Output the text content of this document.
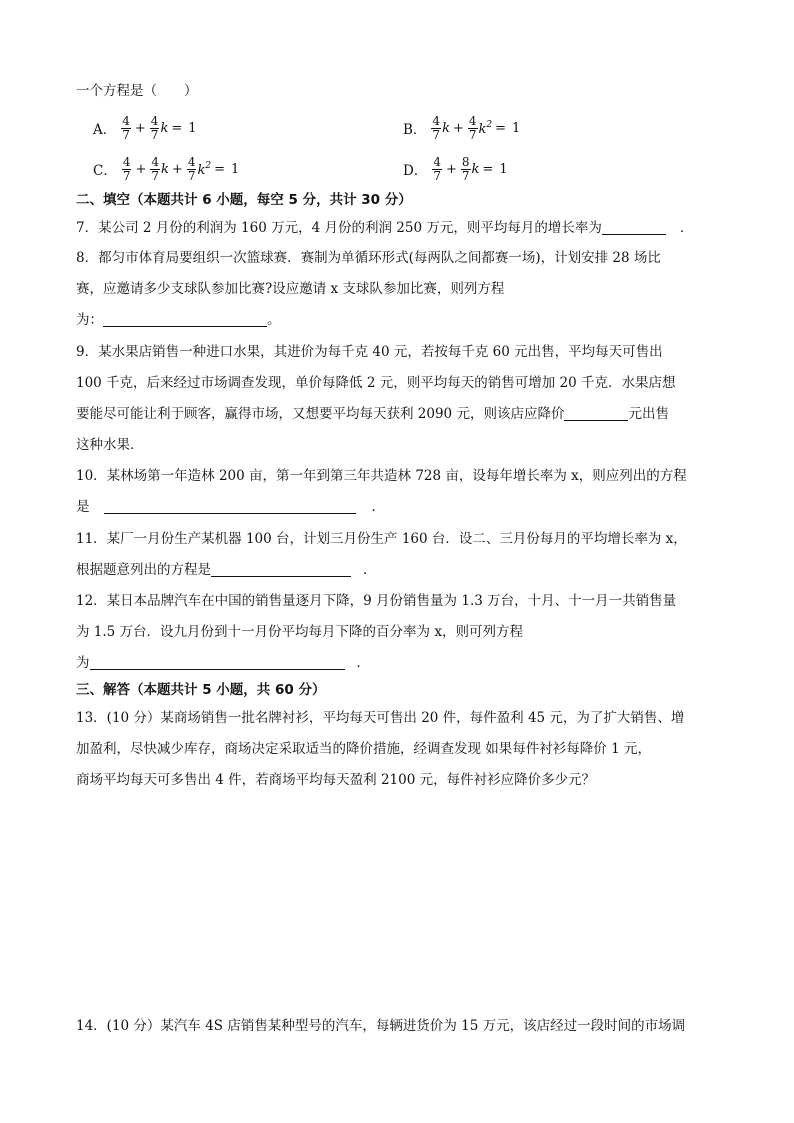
一个方程是（　　）
A． $\frac{4}{7} + \frac{4}{7}$ k = 1	B． $\frac{4}{7}$ $k + \frac{4}{7} k^2 = 1$
C． $\frac{4}{7} + \frac{4}{7}$ $k + \frac{4}{7} k^2 = 1$	D． $\frac{4}{7} + \frac{8}{7}$ k = 1
二、填空（本题共计 6 小题，每空 5 分，共计 30 分）
7．某公司 2 月份的利润为 160 万元，4 月份的利润 250 万元，则平均每月的增长率为	．
8．都匀市体育局要组织一次篮球赛．赛制为单循环形式(每两队之间都赛一场)，计划安排 28 场比
赛，应邀请多少支球队参加比赛?设应邀请 x 支球队参加比赛，则列方程
为：	。
9．某水果店销售一种进口水果，其进价为每千克 40 元，若按每千克 60 元出售，平均每天可售出
100 千克，后来经过市场调查发现，单价每降低 2 元，则平均每天的销售可增加 20 千克．水果店想
要能尽可能让利于顾客，赢得市场，又想要平均每天获利 2090 元，则该店应降价	元出售
这种水果．
10．某林场第一年造林 200 亩，第一年到第三年共造林 728 亩，设每年增长率为 x，则应列出的方程
是	．
11．某厂一月份生产某机器 100 台，计划三月份生产 160 台．设二、三月份每月的平均增长率为 x，
根据题意列出的方程是	．
12．某日本品牌汽车在中国的销售量逐月下降，9 月份销售量为 1.3 万台，十月、十一月一共销售量
为 1.5 万台．设九月份到十一月份平均每月下降的百分率为 x，则可列方程
为	．
三、解答（本题共计 5 小题，共 60 分）
13．(10 分）某商场销售一批名牌衬衫，平均每天可售出 20 件，每件盈利 45 元，为了扩大销售、增
加盈利，尽快减少库存，商场决定采取适当的降价措施，经调查发现 如果每件衬衫每降价 1 元，
商场平均每天可多售出 4 件，若商场平均每天盈利 2100 元，每件衬衫应降价多少元？
14．(10 分）某汽车 4S 店销售某种型号的汽车，每辆进货价为 15 万元，该店经过一段时间的市场调
